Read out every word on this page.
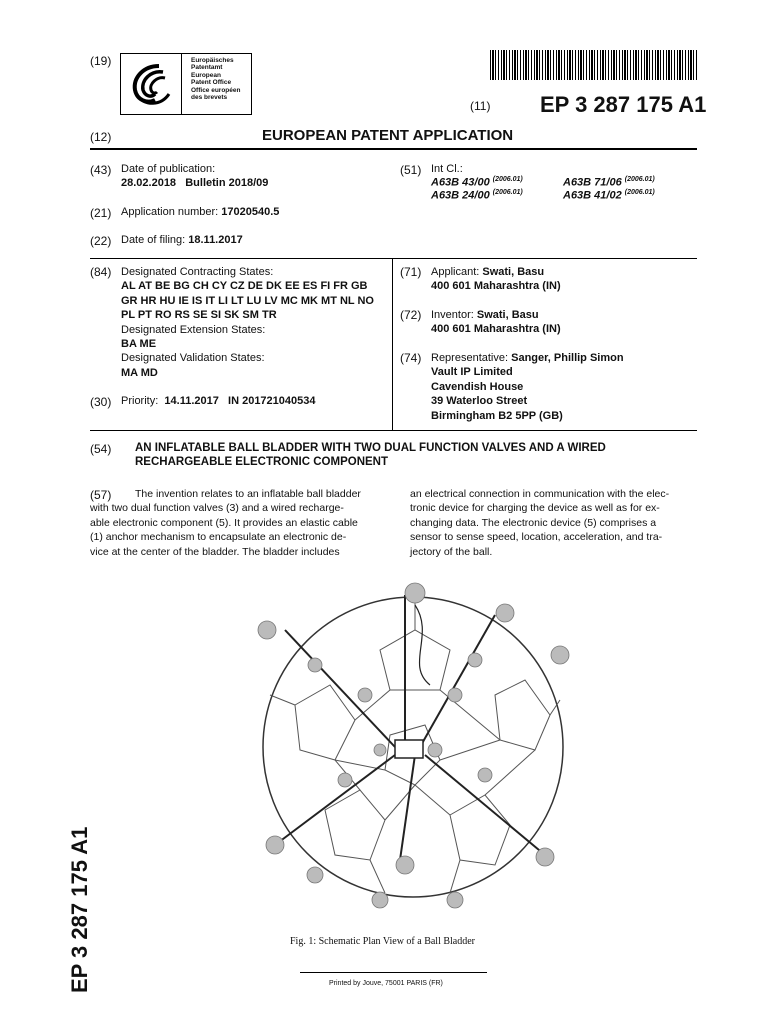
(19)	Europäisches
Patentamt
European
Patent Office
Office européen
des brevets
(11) EP 3 287 175 A1
(12)	EUROPEAN PATENT APPLICATION
(43) Date of publication:
28.02.2018   Bulletin 2018/09
(51) Int Cl.:
A63B 43/00 $^{(2006.01)}$	A63B 71/06 $^{(2006.01)}$
A63B 24/00 $^{(2006.01)}$	A63B 41/02 $^{(2006.01)}$
(21) Application number: 17020540.5
(22) Date of filing: 18.11.2017
(84) Designated Contracting States:
AL AT BE BG CH CY CZ DE DK EE ES FI FR GB
GR HR HU IE IS IT LI LT LU LV MC MK MT NL NO
PL PT RO RS SE SI SK SM TR
Designated Extension States:
BA ME
Designated Validation States:
MA MD
(30) Priority: 14.11.2017   IN 201721040534
(71) Applicant: Swati, Basu
400 601 Maharashtra (IN)
(72) Inventor: Swati, Basu
400 601 Maharashtra (IN)
(74) Representative: Sanger, Phillip Simon
Vault IP Limited
Cavendish House
39 Waterloo Street
Birmingham B2 5PP (GB)
(54) AN INFLATABLE BALL BLADDER WITH TWO DUAL FUNCTION VALVES AND A WIRED
RECHARGEABLE ELECTRONIC COMPONENT
(57)	The invention relates to an inflatable ball bladder
with two dual function valves (3) and a wired recharge-
able electronic component (5). It provides an elastic cable
(1) anchor mechanism to encapsulate an electronic de-
vice at the center of the bladder. The bladder includes
an electrical connection in communication with the elec-
tronic device for charging the device as well as for ex-
changing data. The electronic device (5) comprises a
sensor to sense speed, location, acceleration, and tra-
jectory of the ball.
Fig. 1: Schematic Plan View of a Ball Bladder
Printed by Jouve, 75001 PARIS (FR)
EP 3 287 175 A1
